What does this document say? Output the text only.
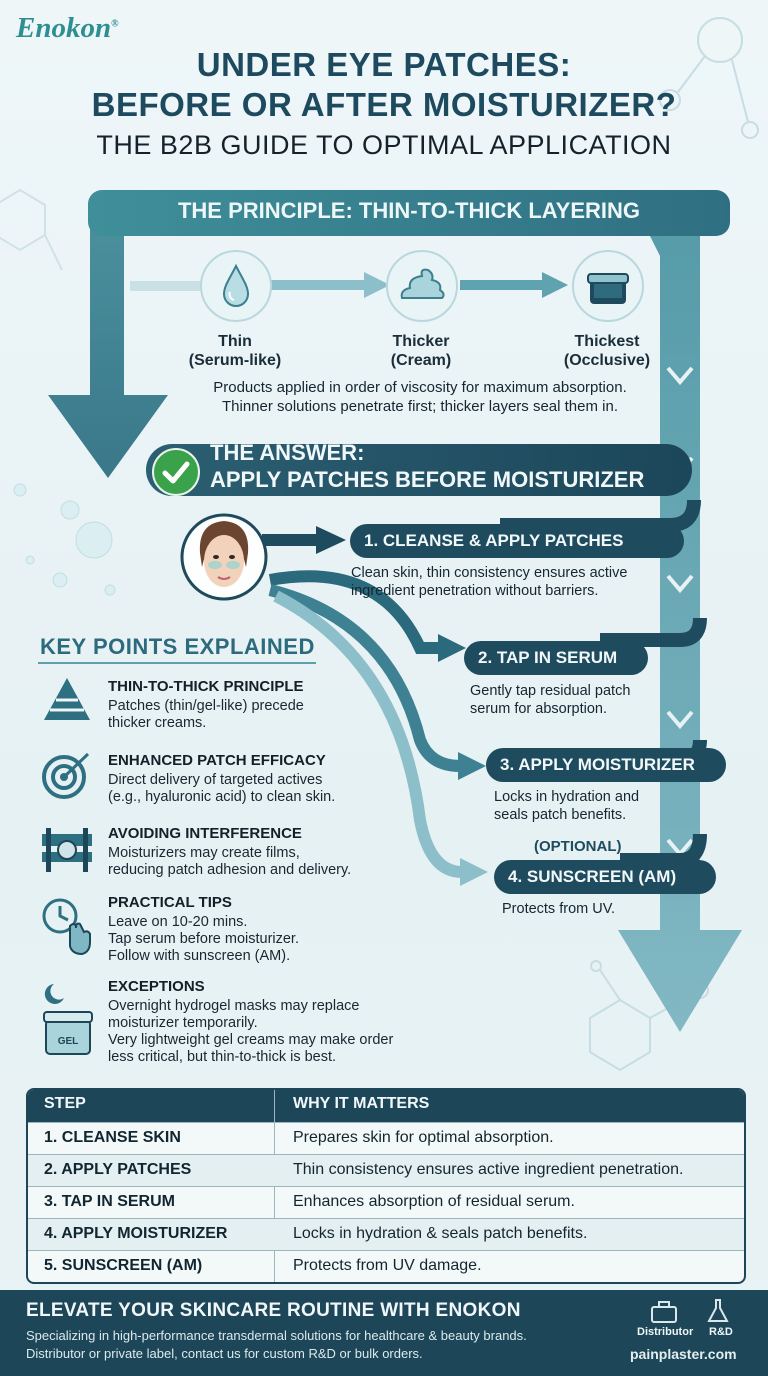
Enokon®
UNDER EYE PATCHES:
BEFORE OR AFTER MOISTURIZER?
THE B2B GUIDE TO OPTIMAL APPLICATION
THE PRINCIPLE: THIN-TO-THICK LAYERING
Thin
(Serum-like)
Thicker
(Cream)
Thickest
(Occlusive)
Products applied in order of viscosity for maximum absorption.
Thinner solutions penetrate first; thicker layers seal them in.
THE ANSWER:
APPLY PATCHES BEFORE MOISTURIZER
1. CLEANSE & APPLY PATCHES
Clean skin, thin consistency ensures active
ingredient penetration without barriers.
2. TAP IN SERUM
Gently tap residual patch
serum for absorption.
3. APPLY MOISTURIZER
Locks in hydration and
seals patch benefits.
(OPTIONAL)
4. SUNSCREEN (AM)
Protects from UV.
KEY POINTS EXPLAINED
THIN-TO-THICK PRINCIPLE
Patches (thin/gel-like) precede
thicker creams.
ENHANCED PATCH EFFICACY
Direct delivery of targeted actives
(e.g., hyaluronic acid) to clean skin.
AVOIDING INTERFERENCE
Moisturizers may create films,
reducing patch adhesion and delivery.
PRACTICAL TIPS
Leave on 10-20 mins.
Tap serum before moisturizer.
Follow with sunscreen (AM).
GEL
EXCEPTIONS
Overnight hydrogel masks may replace
moisturizer temporarily.
Very lightweight gel creams may make order
less critical, but thin-to-thick is best.
STEP	WHY IT MATTERS
1. CLEANSE SKIN	Prepares skin for optimal absorption.
2. APPLY PATCHES	Thin consistency ensures active ingredient penetration.
3. TAP IN SERUM	Enhances absorption of residual serum.
4. APPLY MOISTURIZER	Locks in hydration & seals patch benefits.
5. SUNSCREEN (AM)	Protects from UV damage.
ELEVATE YOUR SKINCARE ROUTINE WITH ENOKON
Specializing in high-performance transdermal solutions for healthcare & beauty brands.
Distributor or private label, contact us for custom R&D or bulk orders.
Distributor R&D
painplaster.com
